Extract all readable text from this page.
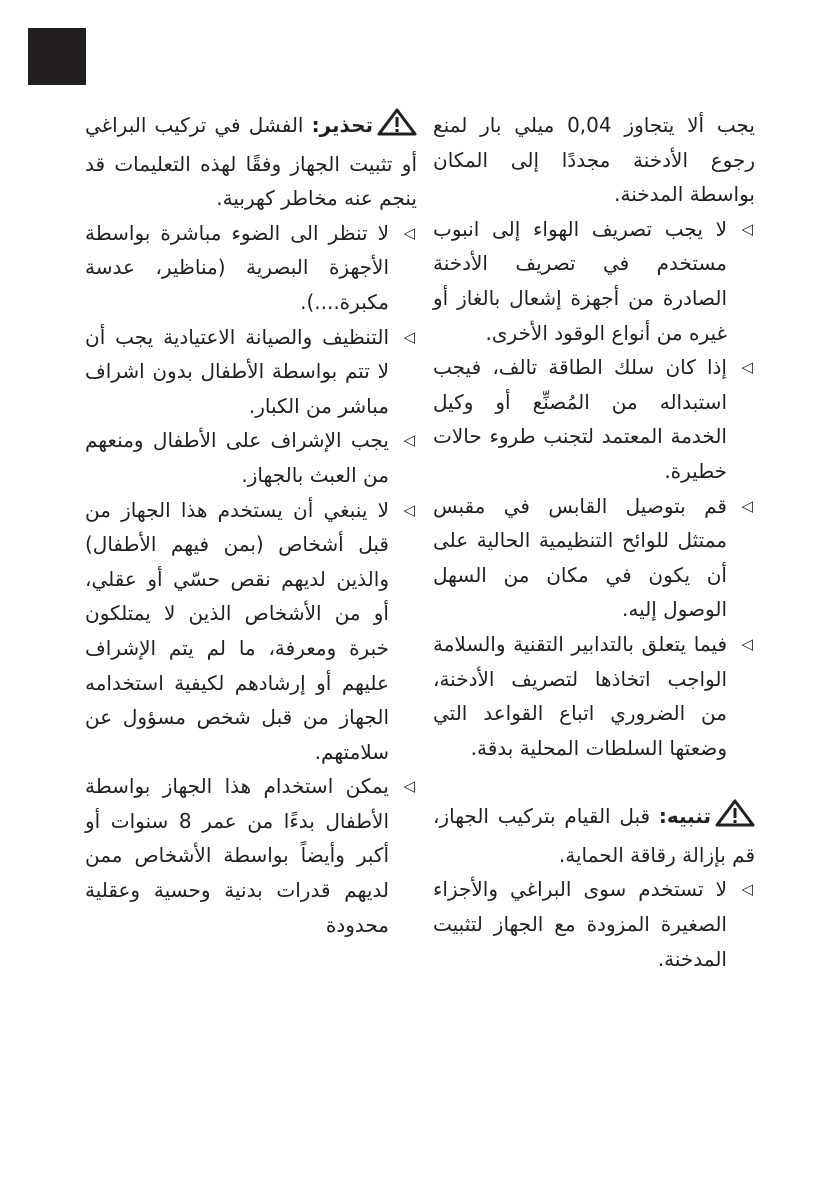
يجب ألا يتجاوز 0,04 ميلي بار لمنع رجوع الأدخنة مجددًا إلى المكان بواسطة المدخنة.

◁
لا يجب تصريف الهواء إلى انبوب مستخدم في تصريف الأدخنة الصادرة من أجهزة إشعال بالغاز أو غيره من أنواع الوقود الأخرى.

◁
إذا كان سلك الطاقة تالف، فيجب استبداله من المُصنِّع أو وكيل الخدمة المعتمد لتجنب طروء حالات خطيرة.

◁
قم بتوصيل القابس في مقبس ممتثل للوائح التنظيمية الحالية على أن يكون في مكان من السهل الوصول إليه.

◁
فيما يتعلق بالتدابير التقنية والسلامة الواجب اتخاذها لتصريف الأدخنة، من الضروري اتباع القواعد التي وضعتها السلطات المحلية بدقة.

تنبيه: قبل القيام بتركيب الجهاز، قم بإزالة رقاقة الحماية.

◁
لا تستخدم سوى البراغي والأجزاء الصغيرة المزودة مع الجهاز لتثبيت المدخنة.

تحذير: الفشل في تركيب البراغي أو تثبيت الجهاز وفقًا لهذه التعليمات قد ينجم عنه مخاطر كهربية.

◁
لا تنظر الى الضوء مباشرة بواسطة الأجهزة البصرية (مناظير، عدسة مكبرة....).

◁
التنظيف والصيانة الاعتيادية يجب أن لا تتم بواسطة الأطفال بدون اشراف مباشر من الكبار.

◁
يجب الإشراف على الأطفال ومنعهم من العبث بالجهاز.

◁
لا ينبغي أن يستخدم هذا الجهاز من قبل أشخاص (بمن فيهم الأطفال) والذين لديهم نقص حسّي أو عقلي، أو من الأشخاص الذين لا يمتلكون خبرة ومعرفة، ما لم يتم الإشراف عليهم أو إرشادهم لكيفية استخدامه الجهاز من قبل شخص مسؤول عن سلامتهم.

◁
يمكن استخدام هذا الجهاز بواسطة الأطفال بدءًا من عمر 8 سنوات أو أكبر وأيضاً بواسطة الأشخاص ممن لديهم قدرات بدنية وحسية وعقلية محدودة
